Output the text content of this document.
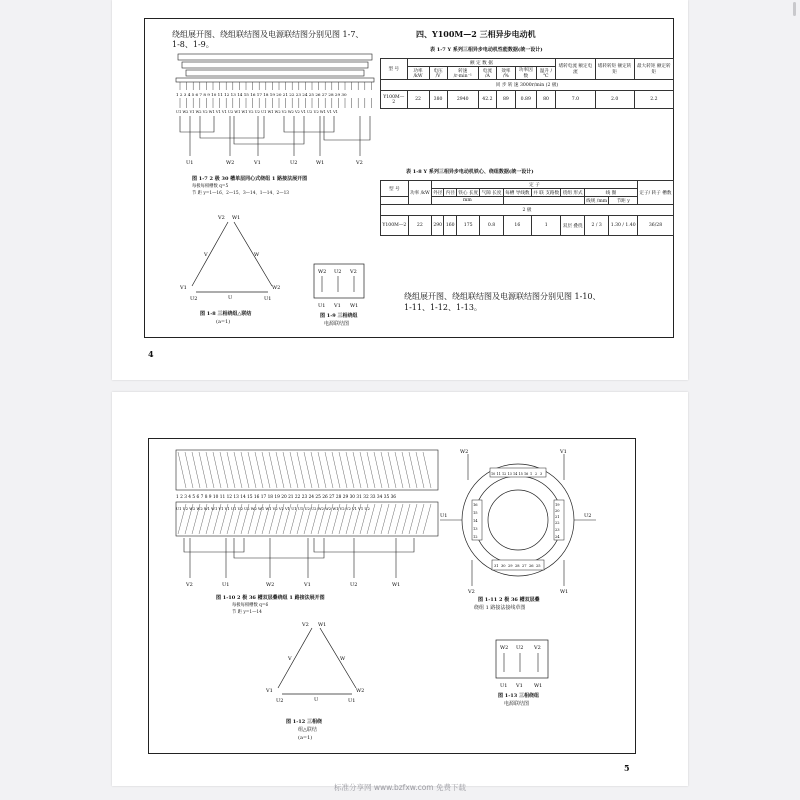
绕组展开图、绕组联结图及电源联结图分别见图 1-7、
1-8、1-9。
1 2 3 4 5 6 7 8 9 10 11 12 13 14 15 16 17 18 19 20 21 22 23 24 25 26 27 28 29 30
U1 W2 V1 W2 V2 W1 V1 V1 U2 W1 W1 V2 U2 U1 W1 W2 V2 W2 V2 V1 U2 U2 W1 V1 V1
U1	W2	V1	U2	W1	V2
图 1-7 2 极 30 槽单层同心式绕组 1 路接法展开图
每极每相槽数 q=5
节 距 y=1—16、2—15、3—14、1—14、2—13
V2 W1
V1	W2
U2	U1
V	W
U
图 1-8 三相绕组△联结
(a=1)
W2 U2 V2
U1 V1 W1
图 1-9 三相绕组
电源联结图
四、Y100M—2 三相异步电动机
表 1-7 Y 系列三相异步电动机性能数据(统一设计)
型 号	额 定 数 据							堵转电流 额定电流	堵转转矩 额定转矩	最大转矩 额定转矩
	功率 /kW	电压 /V	转速 /r·min⁻¹	电流 /A	效率 /%	功率因数	温升 /℃			
同 步 转 速 3000r/min (2 极)										
Y100M—2	22	380	2940	42.2	89	0.89	80	7.0	2.0	2.2
表 1-8 Y 系列三相异步电动机铁心、绕组数据(统一设计)
型 号	功率 /kW	定 子									定子/ 转子 槽数
		外径	内径	铁心 长度	气隙 长度	每槽 导线数	并 联 支路数	绕组 形式	线 圈		
		mm							线规 /mm	节距 y	
2 极											
Y100M—2	22	290	160	175	0.8	16	1	双层 叠绕	2 / 3	1.30 / 1.40	36/28
绕组展开图、绕组联结图及电源联结图分别见图 1-10、
1-11、1-12、1-13。
4
1 2 3 4 5 6 7 8 9 10 11 12 13 14 15 16 17 18 19 20 21 22 23 24 25 26 27 28 29 30 31 32 33 34 35 36
U1 U2 W2 W2 W1 W1 V1 V1 U1 U2 U2 W2 W1 W1 V2 V2 V1 U1 U1 U2 U2 W2 W2 W1 V2 V2 V1 V1 U2
V2	U1	W2	V1	U2	W1
图 1-10 2 极 36 槽双层叠绕组 1 路接法展开图
每极每相槽数 q=6
节 距 y=1—14
W2	V1
U1	U2
V2	W1
16
15
14
13
12
19
20
21
22
23
24
31 30 29 28 27 26 25
10 11 12 13 14 15 16 1 2 3
图 1-11 2 极 36 槽双层叠
绕组 1 路接法接线草图
V2 W1
V1	W2
U2	U1
V	W
U
图 1-12 三相绕
组△联结
(a=1)
W2 U2 V2
U1 V1 W1
图 1-13 三相绕组
电源联结图
5
标准分享网 www.bzfxw.com 免费下载
